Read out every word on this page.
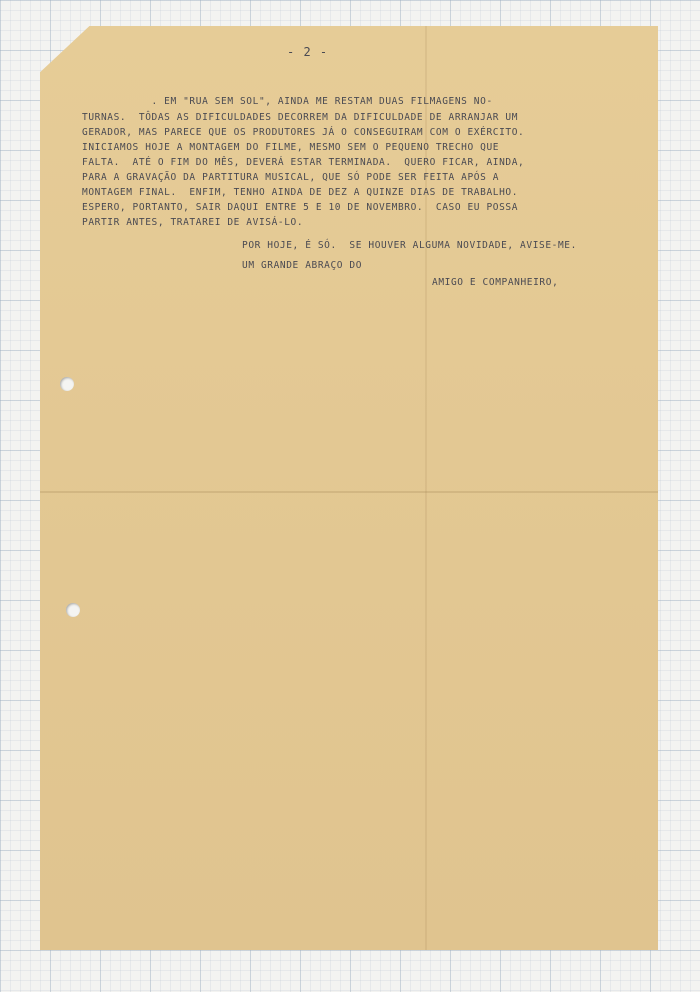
- 2 -
. EM "RUA SEM SOL", AINDA ME RESTAM DUAS FILMAGENS NO-
TURNAS.  TÔDAS AS DIFICULDADES DECORREM DA DIFICULDADE DE ARRANJAR UM
GERADOR, MAS PARECE QUE OS PRODUTORES JÁ O CONSEGUIRAM COM O EXÉRCITO.
INICIAMOS HOJE A MONTAGEM DO FILME, MESMO SEM O PEQUENO TRECHO QUE
FALTA.  ATÉ O FIM DO MÊS, DEVERÁ ESTAR TERMINADA.  QUERO FICAR, AINDA,
PARA A GRAVAÇÃO DA PARTITURA MUSICAL, QUE SÓ PODE SER FEITA APÓS A
MONTAGEM FINAL.  ENFIM, TENHO AINDA DE DEZ A QUINZE DIAS DE TRABALHO.
ESPERO, PORTANTO, SAIR DAQUI ENTRE 5 E 10 DE NOVEMBRO.  CASO EU POSSA
PARTIR ANTES, TRATAREI DE AVISÁ-LO.
POR HOJE, É SÓ.  SE HOUVER ALGUMA NOVIDADE, AVISE-ME.
UM GRANDE ABRAÇO DO
AMIGO E COMPANHEIRO,
